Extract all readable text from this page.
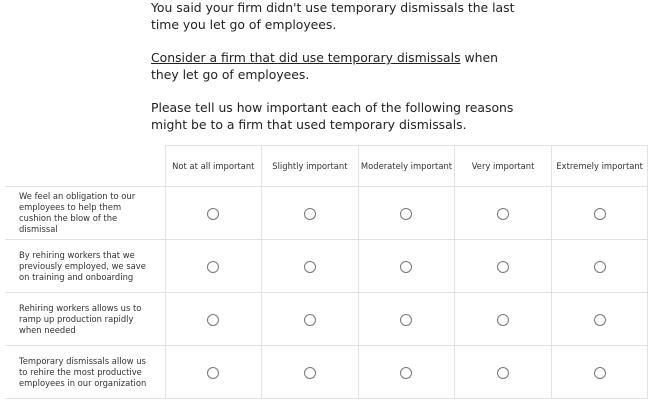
You said your firm didn't use temporary dismissals the last time you let go of employees.

Consider a firm that did use temporary dismissals when they let go of employees.

Please tell us how important each of the following reasons might be to a firm that used temporary dismissals.

	Not at all important	Slightly important	Moderately important	Very important	Extremely important
We feel an obligation to our employees to help them cushion the blow of the dismissal					
By rehiring workers that we previously employed, we save on training and onboarding					
Rehiring workers allows us to ramp up production rapidly when needed					
Temporary dismissals allow us to rehire the most productive employees in our organization					
